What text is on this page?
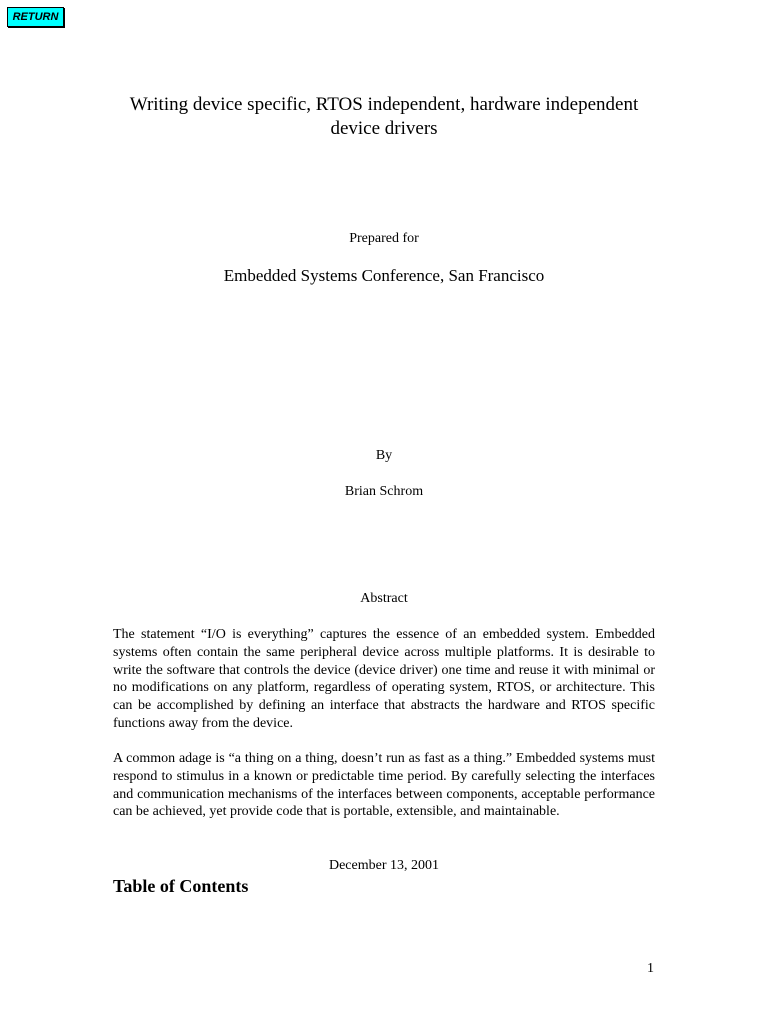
RETURN
Writing device specific, RTOS independent, hardware independent
device drivers
Prepared for
Embedded Systems Conference, San Francisco
By
Brian Schrom
Abstract
The statement “I/O is everything” captures the essence of an embedded system. Embedded systems often contain the same peripheral device across multiple platforms. It is desirable to write the software that controls the device (device driver) one time and reuse it with minimal or no modifications on any platform, regardless of operating system, RTOS, or architecture. This can be accomplished by defining an interface that abstracts the hardware and RTOS specific functions away from the device.
A common adage is “a thing on a thing, doesn’t run as fast as a thing.” Embedded systems must respond to stimulus in a known or predictable time period. By carefully selecting the interfaces and communication mechanisms of the interfaces between components, acceptable performance can be achieved, yet provide code that is portable, extensible, and maintainable.
December 13, 2001
Table of Contents
1
